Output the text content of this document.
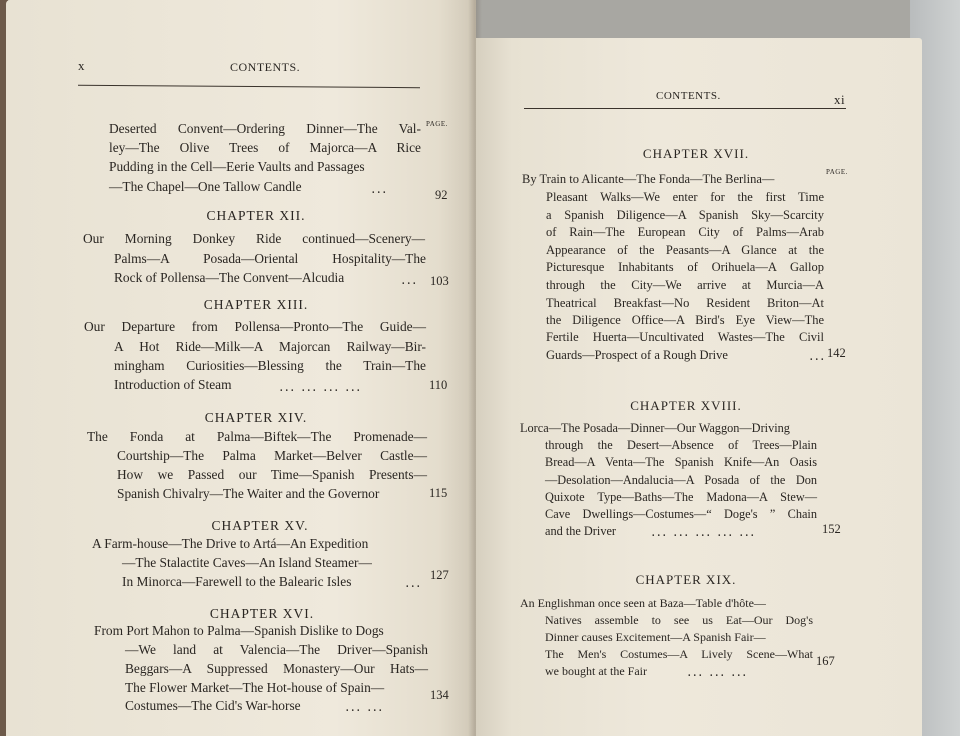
x	CONTENTS.
PAGE.
Deserted Convent—Ordering Dinner—The Val-
ley—The Olive Trees of Majorca—A Rice
Pudding in the Cell—Eerie Vaults and Passages
—The Chapel—One Tallow Candle	...	92
CHAPTER XII.
Our Morning Donkey Ride continued—Scenery—
Palms—A Posada—Oriental Hospitality—The
Rock of Pollensa—The Convent—Alcudia	... 103
CHAPTER XIII.
Our Departure from Pollensa—Pronto—The Guide—
A Hot Ride—Milk—A Majorcan Railway—Bir-
mingham Curiosities—Blessing the Train—The
Introduction of Steam	... ... ... ...	110
CHAPTER XIV.
The Fonda at Palma—Biftek—The Promenade—
Courtship—The Palma Market—Belver Castle—
How we Passed our Time—Spanish Presents—
Spanish Chivalry—The Waiter and the Governor	115
CHAPTER XV.
A Farm-house—The Drive to Artá—An Expedition
—The Stalactite Caves—An Island Steamer—
In Minorca—Farewell to the Balearic Isles	...
127
CHAPTER XVI.
From Port Mahon to Palma—Spanish Dislike to Dogs
—We land at Valencia—The Driver—Spanish
Beggars—A Suppressed Monastery—Our Hats—
The Flower Market—The Hot-house of Spain—
Costumes—The Cid's War-horse	... ...
134
CONTENTS.	xi
CHAPTER XVII.
PAGE.
By Train to Alicante—The Fonda—The Berlina—
Pleasant Walks—We enter for the first Time
a Spanish Diligence—A Spanish Sky—Scarcity
of Rain—The European City of Palms—Arab
Appearance of the Peasants—A Glance at the
Picturesque Inhabitants of Orihuela—A Gallop
through the City—We arrive at Murcia—A
Theatrical Breakfast—No Resident Briton—At
the Diligence Office—A Bird's Eye View—The
Fertile Huerta—Uncultivated Wastes—The Civil
Guards—Prospect of a Rough Drive	... 142
CHAPTER XVIII.
Lorca—The Posada—Dinner—Our Waggon—Driving
through the Desert—Absence of Trees—Plain
Bread—A Venta—The Spanish Knife—An Oasis
—Desolation—Andalucia—A Posada of the Don
Quixote Type—Baths—The Madona—A Stew—
Cave Dwellings—Costumes—“ Doge's ” Chain
and the Driver	... ... ... ... ...	152
CHAPTER XIX.
An Englishman once seen at Baza—Table d'hôte—
Natives assemble to see us Eat—Our Dog's
Dinner causes Excitement—A Spanish Fair—
The Men's Costumes—A Lively Scene—What
we bought at the Fair	... ... ...
167
